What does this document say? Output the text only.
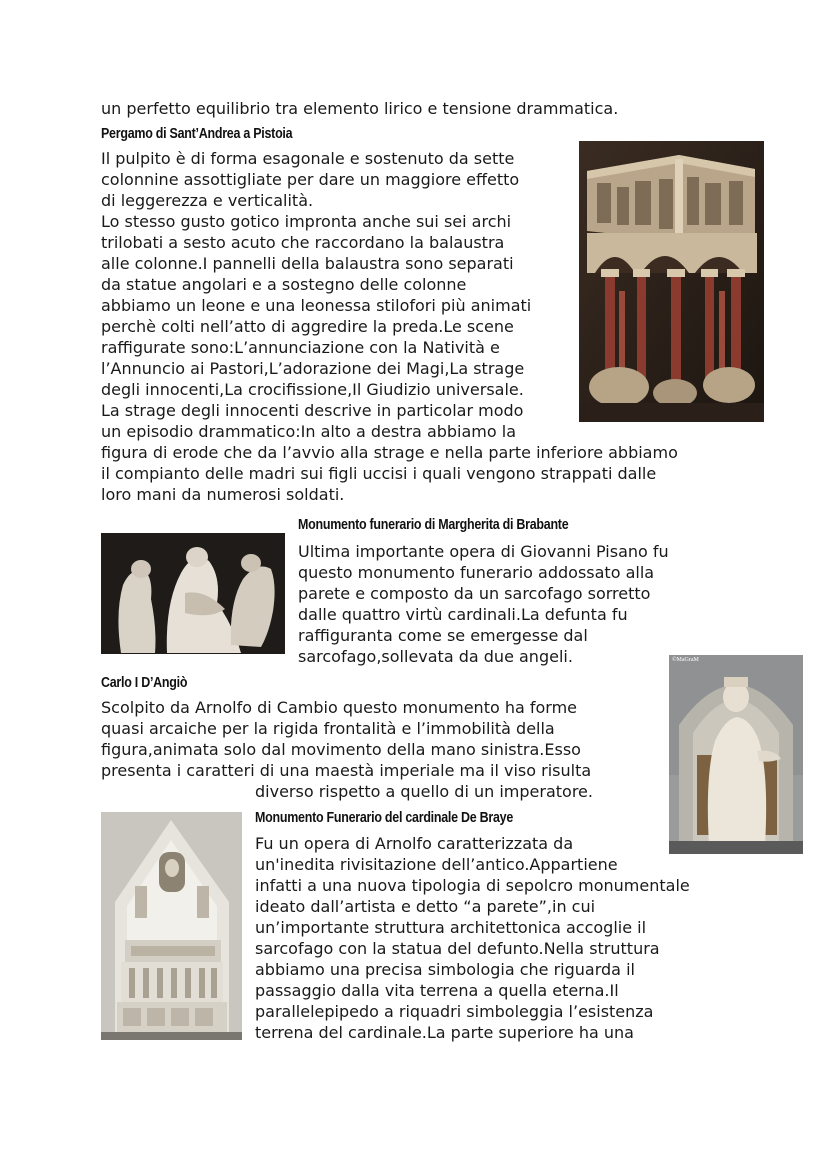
un perfetto equilibrio tra elemento lirico e tensione drammatica.
Pergamo di Sant’Andrea a Pistoia
Il pulpito è di forma esagonale e sostenuto da sette
colonnine assottigliate per dare un maggiore effetto
di leggerezza e verticalità.
Lo stesso gusto gotico impronta anche sui sei archi
trilobati a sesto acuto che raccordano la balaustra
alle colonne.I pannelli della balaustra sono separati
da statue angolari e a sostegno delle colonne
abbiamo un leone e una leonessa stilofori più animati
perchè colti nell’atto di aggredire la preda.Le scene
raffigurate sono:L’annunciazione con la Natività e
l’Annuncio ai Pastori,L’adorazione dei Magi,La strage
degli innocenti,La crocifissione,Il Giudizio universale.
La strage degli innocenti descrive in particolar modo
un episodio drammatico:In alto a destra abbiamo la
figura di erode che da l’avvio alla strage e nella parte inferiore abbiamo
il compianto delle madri sui figli uccisi i quali vengono strappati dalle
loro mani da numerosi soldati.
Monumento funerario di Margherita di Brabante
Ultima importante opera di Giovanni Pisano fu
questo monumento funerario addossato alla
parete e composto da un sarcofago sorretto
dalle quattro virtù cardinali.La defunta fu
raffiguranta come se emergesse dal
sarcofago,sollevata da due angeli.
Carlo I D’Angiò
©MaGraM
Scolpito da Arnolfo di Cambio questo monumento ha forme
quasi arcaiche per la rigida frontalità e l’immobilità della
figura,animata solo dal movimento della mano sinistra.Esso
presenta i caratteri di una maestà imperiale ma il viso risulta
diverso rispetto a quello di un imperatore.
Monumento Funerario del cardinale De Braye
Fu un opera di Arnolfo caratterizzata da
un'inedita rivisitazione dell’antico.Appartiene
infatti a una nuova tipologia di sepolcro monumentale
ideato dall’artista e detto “a parete”,in cui
un’importante struttura architettonica accoglie il
sarcofago con la statua del defunto.Nella struttura
abbiamo una precisa simbologia che riguarda il
passaggio dalla vita terrena a quella eterna.Il
parallelepipedo a riquadri simboleggia l’esistenza
terrena del cardinale.La parte superiore ha una
